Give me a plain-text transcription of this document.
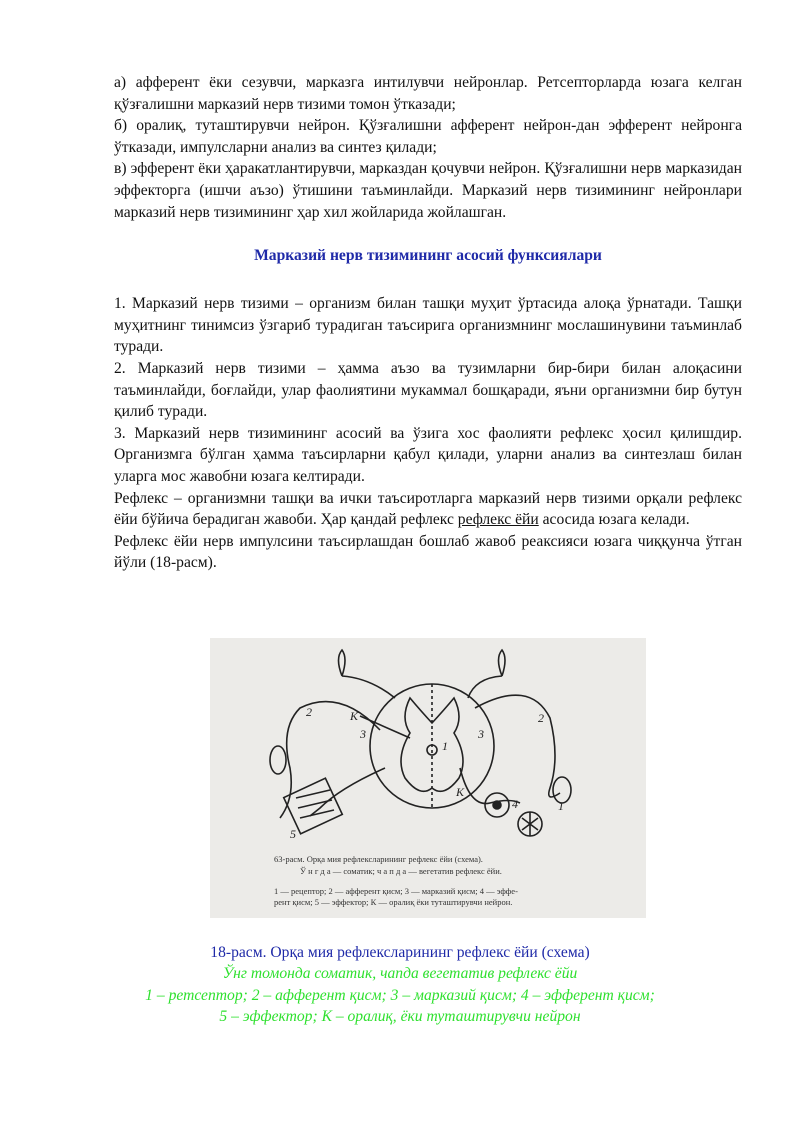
а) афферент ёки сезувчи, марказга интилувчи нейронлар. Ретсепторларда юзага келган қўзғалишни марказий нерв тизими томон ўтказади;

б) оралиқ, туташтирувчи нейрон. Қўзғалишни афферент нейрон-дан эфферент нейронга ўтказади, импулсларни анализ ва синтез қилади;

в) эфферент ёки ҳаракатлантирувчи, марказдан қочувчи нейрон. Қўзғалишни нерв марказидан эффекторга (ишчи аъзо) ўтишини таъминлайди. Марказий нерв тизимининг нейронлари марказий нерв тизимининг ҳар хил жойларида жойлашган.

Марказий нерв тизимининг асосий функсиялари

1. Марказий нерв тизими – организм билан ташқи муҳит ўртасида алоқа ўрнатади. Ташқи муҳитнинг тинимсиз ўзгариб турадиган таъсирига организмнинг мослашинувини таъминлаб туради.

2. Марказий нерв тизими – ҳамма аъзо ва тузимларни бир-бири билан алоқасини таъминлайди, боғлайди, улар фаолиятини мукаммал бошқаради, яъни организмни бир бутун қилиб туради.

3. Марказий нерв тизимининг асосий ва ўзига хос фаолияти рефлекс ҳосил қилишдир. Организмга бўлган ҳамма таъсирларни қабул қилади, уларни анализ ва синтезлаш билан уларга мос жавобни юзага келтиради.

Рефлекс – организмни ташқи ва ички таъсиротларга марказий нерв тизими орқали рефлекс ёйи бўйича берадиган жавоби. Ҳар қандай рефлекс рефлекс ёйи асосида юзага келади.

Рефлекс ёйи нерв импулсини таъсирлашдан бошлаб жавоб реаксияси юзага чиққунча ўтган йўли (18-расм).

2	К
3	3
2
К
4
5
1
1
63-расм. Орқа мия рефлексларининг рефлекс ёйи (схема).
Ў н г д а — соматик; ч а п д а — вегетатив рефлекс ёйи.
1 — рецептор; 2 — афферент қисм; 3 — марказий қисм; 4 — эффе-
рент қисм; 5 — эффектор; К — оралиқ ёки туташтирувчи нейрон.
18-расм. Орқа мия рефлексларининг рефлекс ёйи (схема)
Ўнг томонда соматик, чапда вегетатив рефлекс ёйи
1 – ретсептор; 2 – афферент қисм; 3 – марказий қисм; 4 – эфферент қисм;
5 – эффектор; К – оралиқ, ёки туташтирувчи нейрон
